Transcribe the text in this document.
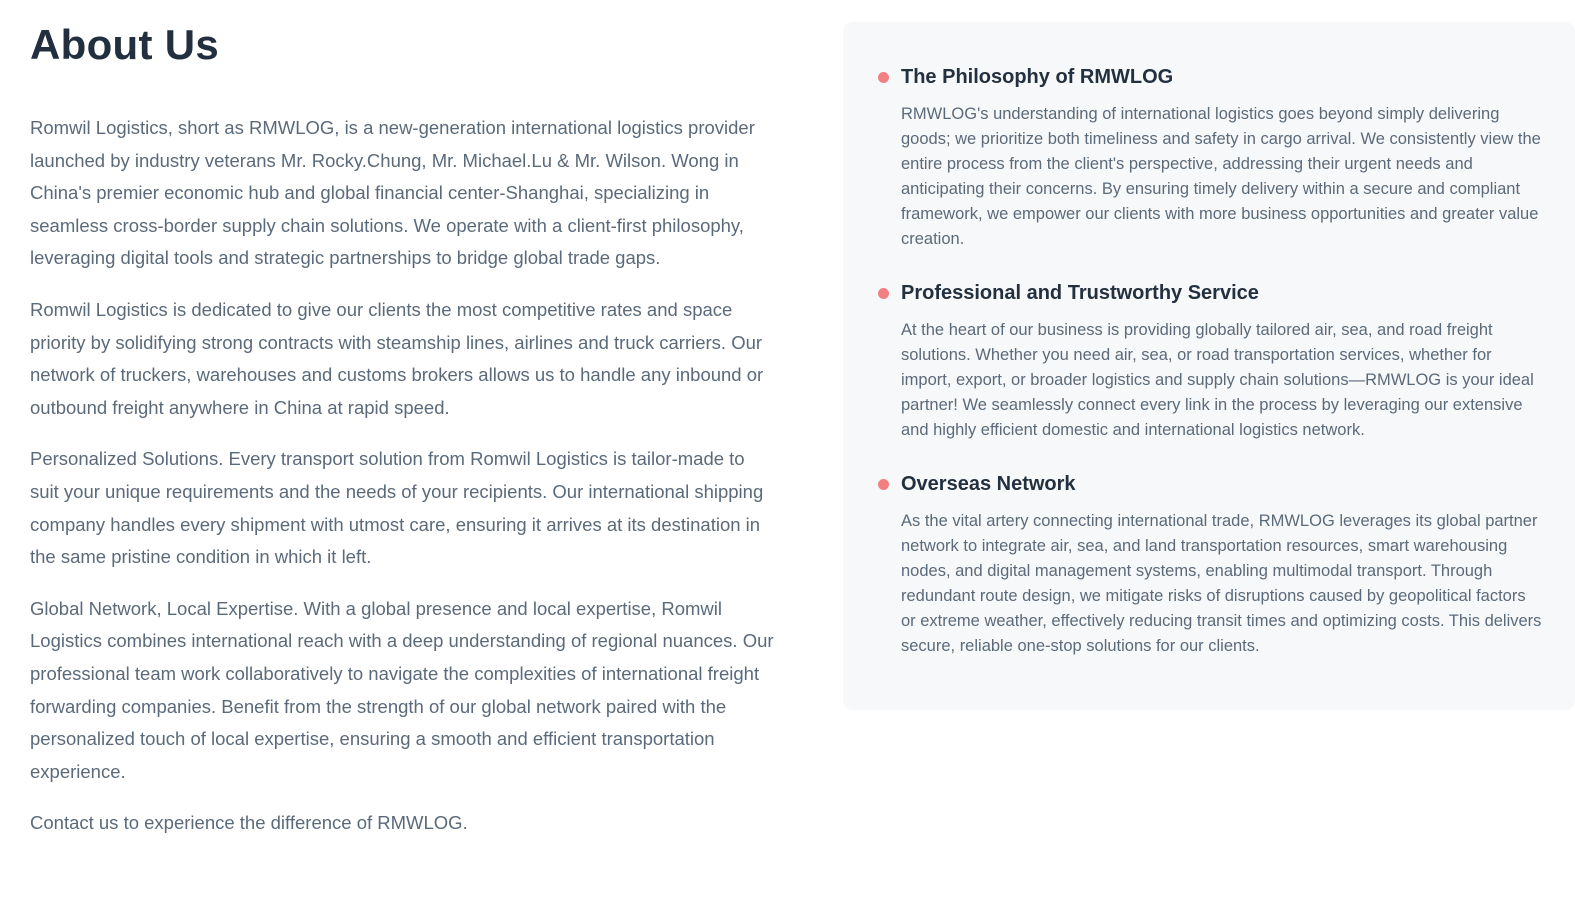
About Us

Romwil Logistics, short as RMWLOG, is a new-generation international logistics provider launched by industry veterans Mr. Rocky.Chung, Mr. Michael.Lu & Mr. Wilson. Wong in China's premier economic hub and global financial center-Shanghai, specializing in seamless cross-border supply chain solutions. We operate with a client-first philosophy, leveraging digital tools and strategic partnerships to bridge global trade gaps.

Romwil Logistics is dedicated to give our clients the most competitive rates and space priority by solidifying strong contracts with steamship lines, airlines and truck carriers. Our network of truckers, warehouses and customs brokers allows us to handle any inbound or outbound freight anywhere in China at rapid speed.

Personalized Solutions. Every transport solution from Romwil Logistics is tailor-made to suit your unique requirements and the needs of your recipients. Our international shipping company handles every shipment with utmost care, ensuring it arrives at its destination in the same pristine condition in which it left.

Global Network, Local Expertise. With a global presence and local expertise, Romwil Logistics combines international reach with a deep understanding of regional nuances. Our professional team work collaboratively to navigate the complexities of international freight forwarding companies. Benefit from the strength of our global network paired with the personalized touch of local expertise, ensuring a smooth and efficient transportation experience.

Contact us to experience the difference of RMWLOG.

The Philosophy of RMWLOG

RMWLOG's understanding of international logistics goes beyond simply delivering goods; we prioritize both timeliness and safety in cargo arrival. We consistently view the entire process from the client's perspective, addressing their urgent needs and anticipating their concerns. By ensuring timely delivery within a secure and compliant framework, we empower our clients with more business opportunities and greater value creation.

Professional and Trustworthy Service

At the heart of our business is providing globally tailored air, sea, and road freight solutions. Whether you need air, sea, or road transportation services, whether for import, export, or broader logistics and supply chain solutions—RMWLOG is your ideal partner! We seamlessly connect every link in the process by leveraging our extensive and highly efficient domestic and international logistics network.

Overseas Network

As the vital artery connecting international trade, RMWLOG leverages its global partner network to integrate air, sea, and land transportation resources, smart warehousing nodes, and digital management systems, enabling multimodal transport. Through redundant route design, we mitigate risks of disruptions caused by geopolitical factors or extreme weather, effectively reducing transit times and optimizing costs. This delivers secure, reliable one-stop solutions for our clients.
